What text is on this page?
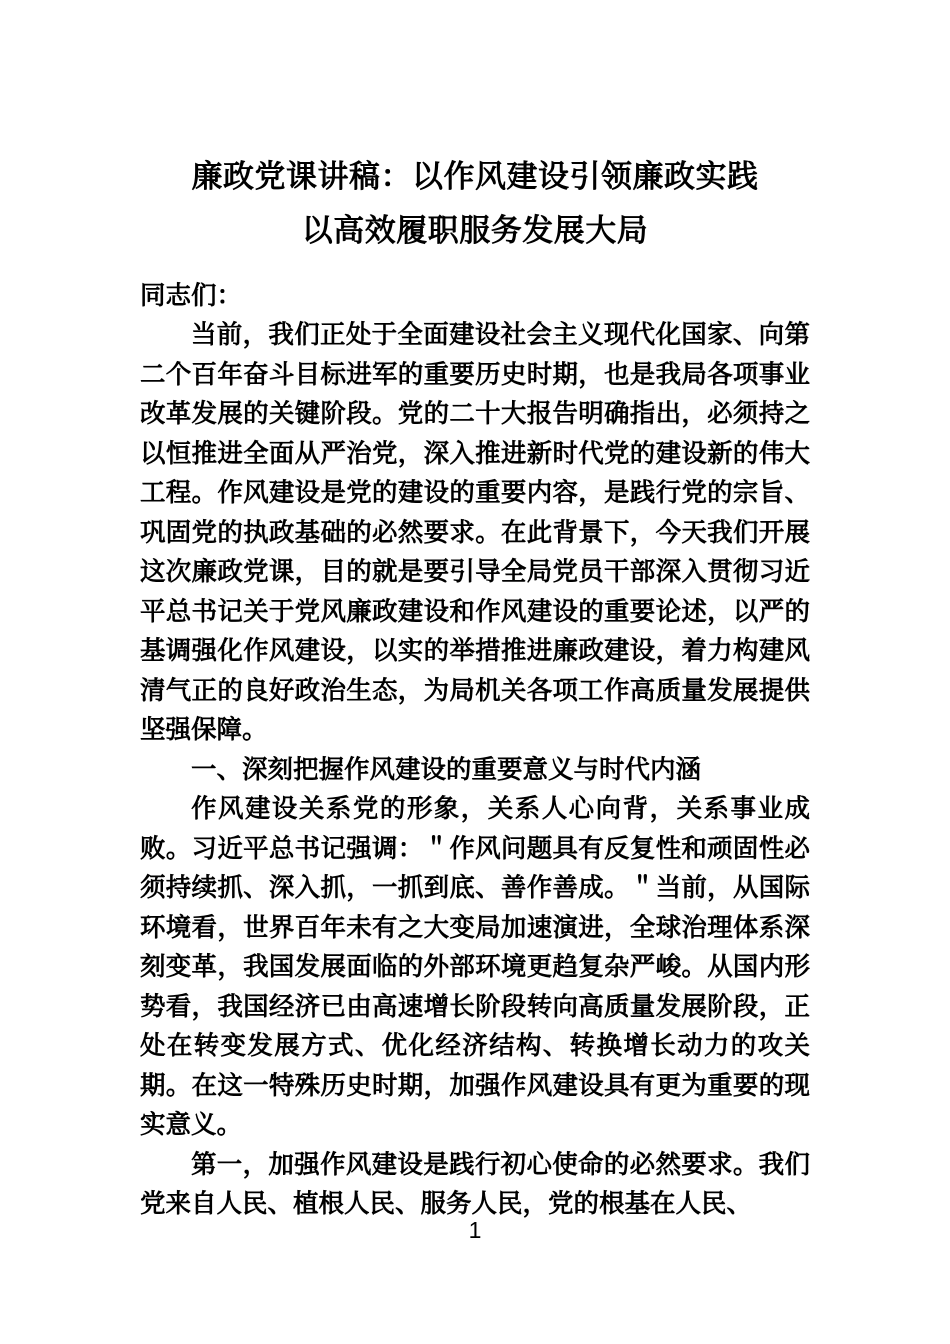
廉政党课讲稿：以作风建设引领廉政实践
以高效履职服务发展大局

同志们：

当前，我们正处于全面建设社会主义现代化国家、向第二个百年奋斗目标进军的重要历史时期，也是我局各项事业改革发展的关键阶段。党的二十大报告明确指出，必须持之以恒推进全面从严治党，深入推进新时代党的建设新的伟大工程。作风建设是党的建设的重要内容，是践行党的宗旨、巩固党的执政基础的必然要求。在此背景下，今天我们开展这次廉政党课，目的就是要引导全局党员干部深入贯彻习近平总书记关于党风廉政建设和作风建设的重要论述，以严的基调强化作风建设，以实的举措推进廉政建设，着力构建风清气正的良好政治生态，为局机关各项工作高质量发展提供坚强保障。

一、深刻把握作风建设的重要意义与时代内涵

作风建设关系党的形象，关系人心向背，关系事业成败。习近平总书记强调：＂作风问题具有反复性和顽固性必须持续抓、深入抓，一抓到底、善作善成。＂当前，从国际环境看，世界百年未有之大变局加速演进，全球治理体系深刻变革，我国发展面临的外部环境更趋复杂严峻。从国内形势看，我国经济已由高速增长阶段转向高质量发展阶段，正处在转变发展方式、优化经济结构、转换增长动力的攻关期。在这一特殊历史时期，加强作风建设具有更为重要的现实意义。

第一，加强作风建设是践行初心使命的必然要求。我们党来自人民、植根人民、服务人民，党的根基在人民、

1
